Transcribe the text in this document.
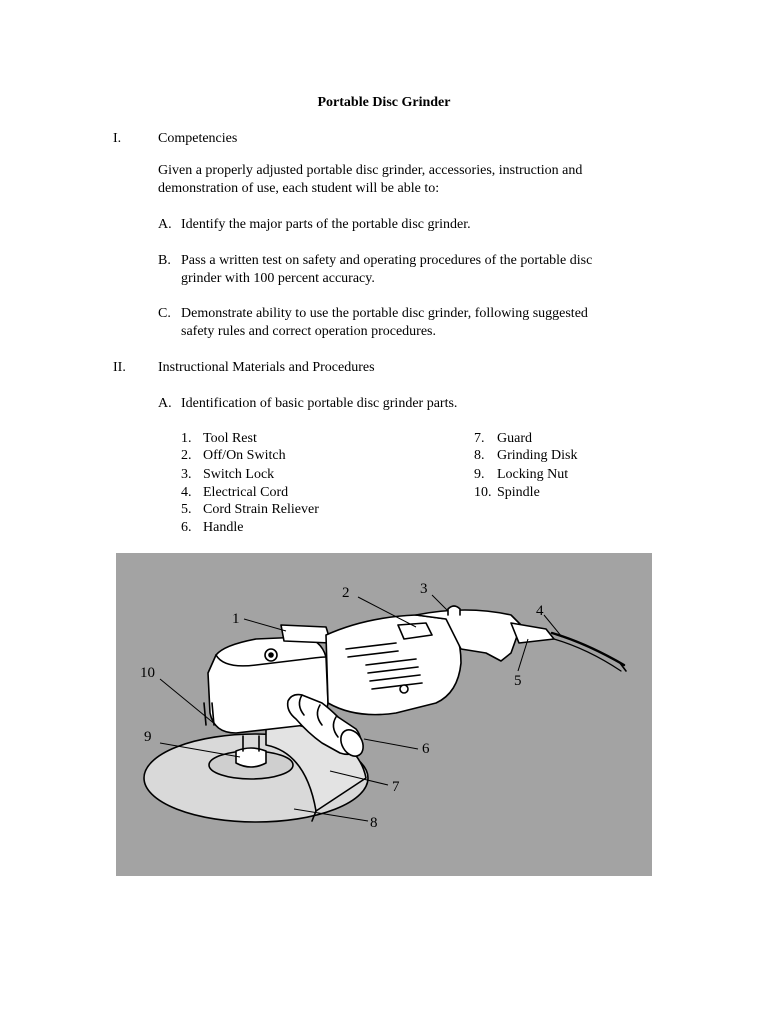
Portable Disc Grinder
I.	Competencies
Given a properly adjusted portable disc grinder, accessories, instruction and
demonstration of use, each student will be able to:
A. Identify the major parts of the portable disc grinder.
B. Pass a written test on safety and operating procedures of the portable disc
grinder with 100 percent accuracy.
C. Demonstrate ability to use the portable disc grinder, following suggested
safety rules and correct operation procedures.
II. Instructional Materials and Procedures
A. Identification of basic portable disc grinder parts.
1. Tool Rest
2. Off/On Switch
3. Switch Lock
4. Electrical Cord
5. Cord Strain Reliever
6. Handle
7. Guard
8. Grinding Disk
9. Locking Nut
10. Spindle
1
2	3
4
5
6
7
8
9
10
